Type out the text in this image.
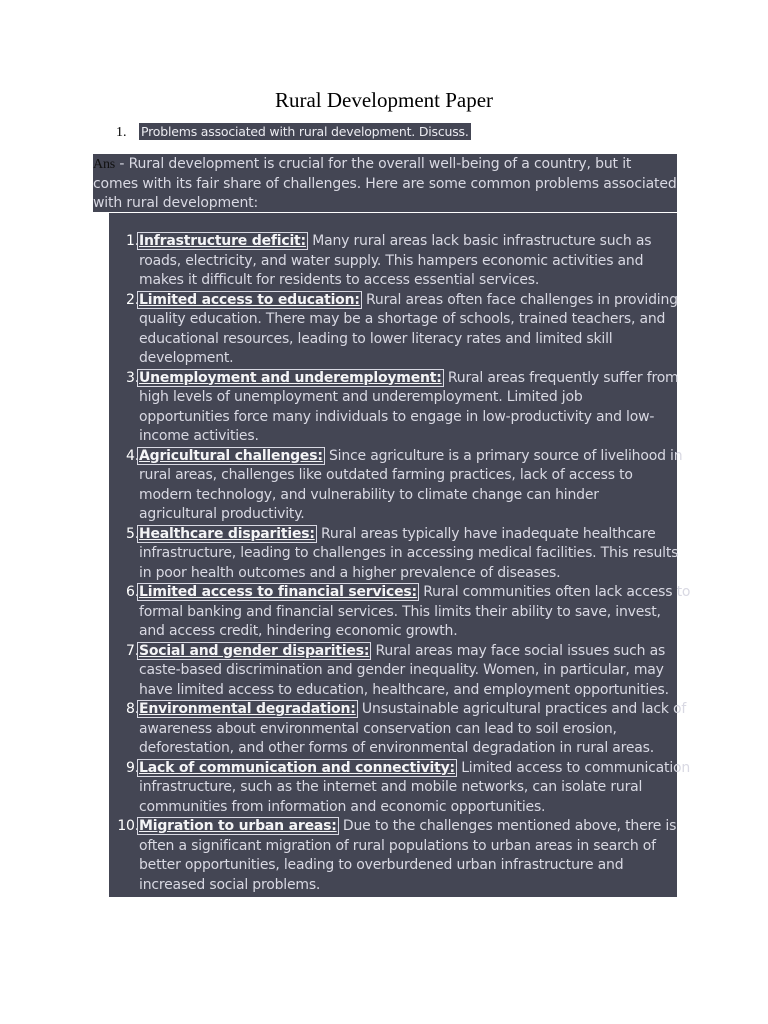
Rural Development Paper
1. Problems associated with rural development. Discuss.
Ans - Rural development is crucial for the overall well-being of a country, but it
comes with its fair share of challenges. Here are some common problems associated
with rural development:
1. Infrastructure deficit: Many rural areas lack basic infrastructure such as
roads, electricity, and water supply. This hampers economic activities and
makes it difficult for residents to access essential services.
2. Limited access to education: Rural areas often face challenges in providing
quality education. There may be a shortage of schools, trained teachers, and
educational resources, leading to lower literacy rates and limited skill
development.
3. Unemployment and underemployment: Rural areas frequently suffer from
high levels of unemployment and underemployment. Limited job
opportunities force many individuals to engage in low-productivity and low-
income activities.
4. Agricultural challenges: Since agriculture is a primary source of livelihood in
rural areas, challenges like outdated farming practices, lack of access to
modern technology, and vulnerability to climate change can hinder
agricultural productivity.
5. Healthcare disparities: Rural areas typically have inadequate healthcare
infrastructure, leading to challenges in accessing medical facilities. This results
in poor health outcomes and a higher prevalence of diseases.
6. Limited access to financial services: Rural communities often lack access to
formal banking and financial services. This limits their ability to save, invest,
and access credit, hindering economic growth.
7. Social and gender disparities: Rural areas may face social issues such as
caste-based discrimination and gender inequality. Women, in particular, may
have limited access to education, healthcare, and employment opportunities.
8. Environmental degradation: Unsustainable agricultural practices and lack of
awareness about environmental conservation can lead to soil erosion,
deforestation, and other forms of environmental degradation in rural areas.
9. Lack of communication and connectivity: Limited access to communication
infrastructure, such as the internet and mobile networks, can isolate rural
communities from information and economic opportunities.
10. Migration to urban areas: Due to the challenges mentioned above, there is
often a significant migration of rural populations to urban areas in search of
better opportunities, leading to overburdened urban infrastructure and
increased social problems.
